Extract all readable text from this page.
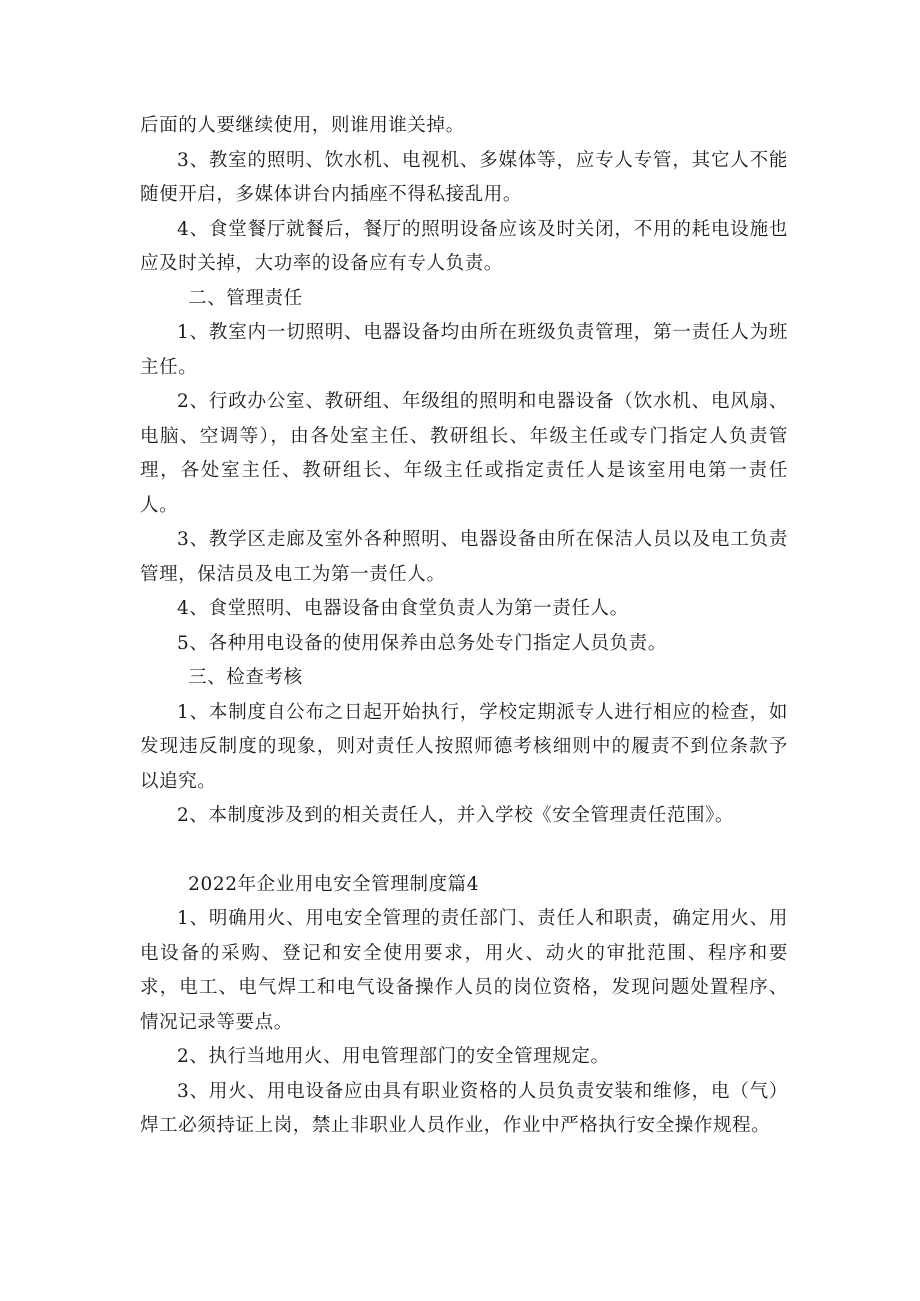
后面的人要继续使用，则谁用谁关掉。

3、教室的照明、饮水机、电视机、多媒体等，应专人专管，其它人不能随便开启，多媒体讲台内插座不得私接乱用。

4、食堂餐厅就餐后，餐厅的照明设备应该及时关闭，不用的耗电设施也应及时关掉，大功率的设备应有专人负责。

二、管理责任

1、教室内一切照明、电器设备均由所在班级负责管理，第一责任人为班主任。

2、行政办公室、教研组、年级组的照明和电器设备（饮水机、电风扇、电脑、空调等），由各处室主任、教研组长、年级主任或专门指定人负责管理，各处室主任、教研组长、年级主任或指定责任人是该室用电第一责任人。

3、教学区走廊及室外各种照明、电器设备由所在保洁人员以及电工负责管理，保洁员及电工为第一责任人。

4、食堂照明、电器设备由食堂负责人为第一责任人。

5、各种用电设备的使用保养由总务处专门指定人员负责。

三、检查考核

1、本制度自公布之日起开始执行，学校定期派专人进行相应的检查，如发现违反制度的现象，则对责任人按照师德考核细则中的履责不到位条款予以追究。

2、本制度涉及到的相关责任人，并入学校《安全管理责任范围》。

2022年企业用电安全管理制度篇4

1、明确用火、用电安全管理的责任部门、责任人和职责，确定用火、用电设备的采购、登记和安全使用要求，用火、动火的审批范围、程序和要求，电工、电气焊工和电气设备操作人员的岗位资格，发现问题处置程序、情况记录等要点。

2、执行当地用火、用电管理部门的安全管理规定。

3、用火、用电设备应由具有职业资格的人员负责安装和维修，电（气）焊工必须持证上岗，禁止非职业人员作业，作业中严格执行安全操作规程。
